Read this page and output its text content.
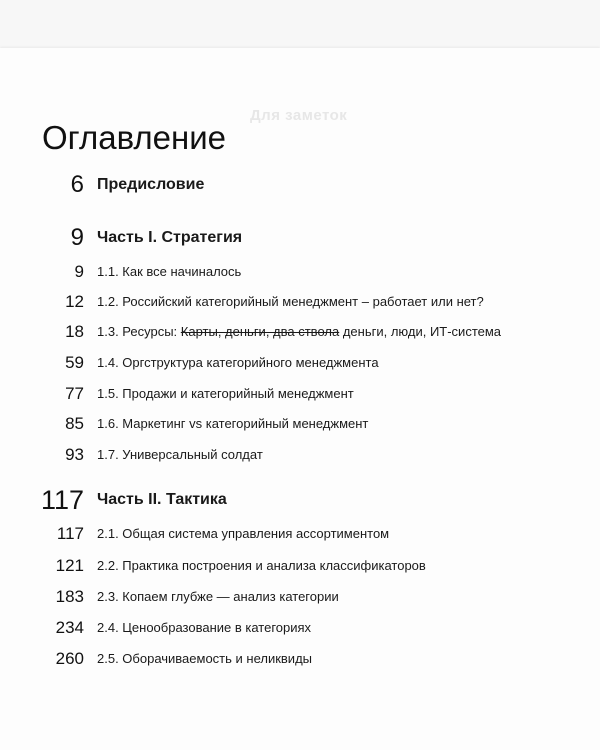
Для заметок
Оглавление
6 Предисловие
9 Часть I. Стратегия
9 1.1. Как все начиналось
12 1.2. Российский категорийный менеджмент – работает или нет?
18 1.3. Ресурсы: Карты, деньги, два ствола деньги, люди, ИТ-система
59 1.4. Оргструктура категорийного менеджмента
77 1.5. Продажи и категорийный менеджмент
85 1.6. Маркетинг vs категорийный менеджмент
93 1.7. Универсальный солдат
117 Часть II. Тактика
117 2.1. Общая система управления ассортиментом
121 2.2. Практика построения и анализа классификаторов
183 2.3. Копаем глубже — анализ категории
234 2.4. Ценообразование в категориях
260 2.5. Оборачиваемость и неликвиды
